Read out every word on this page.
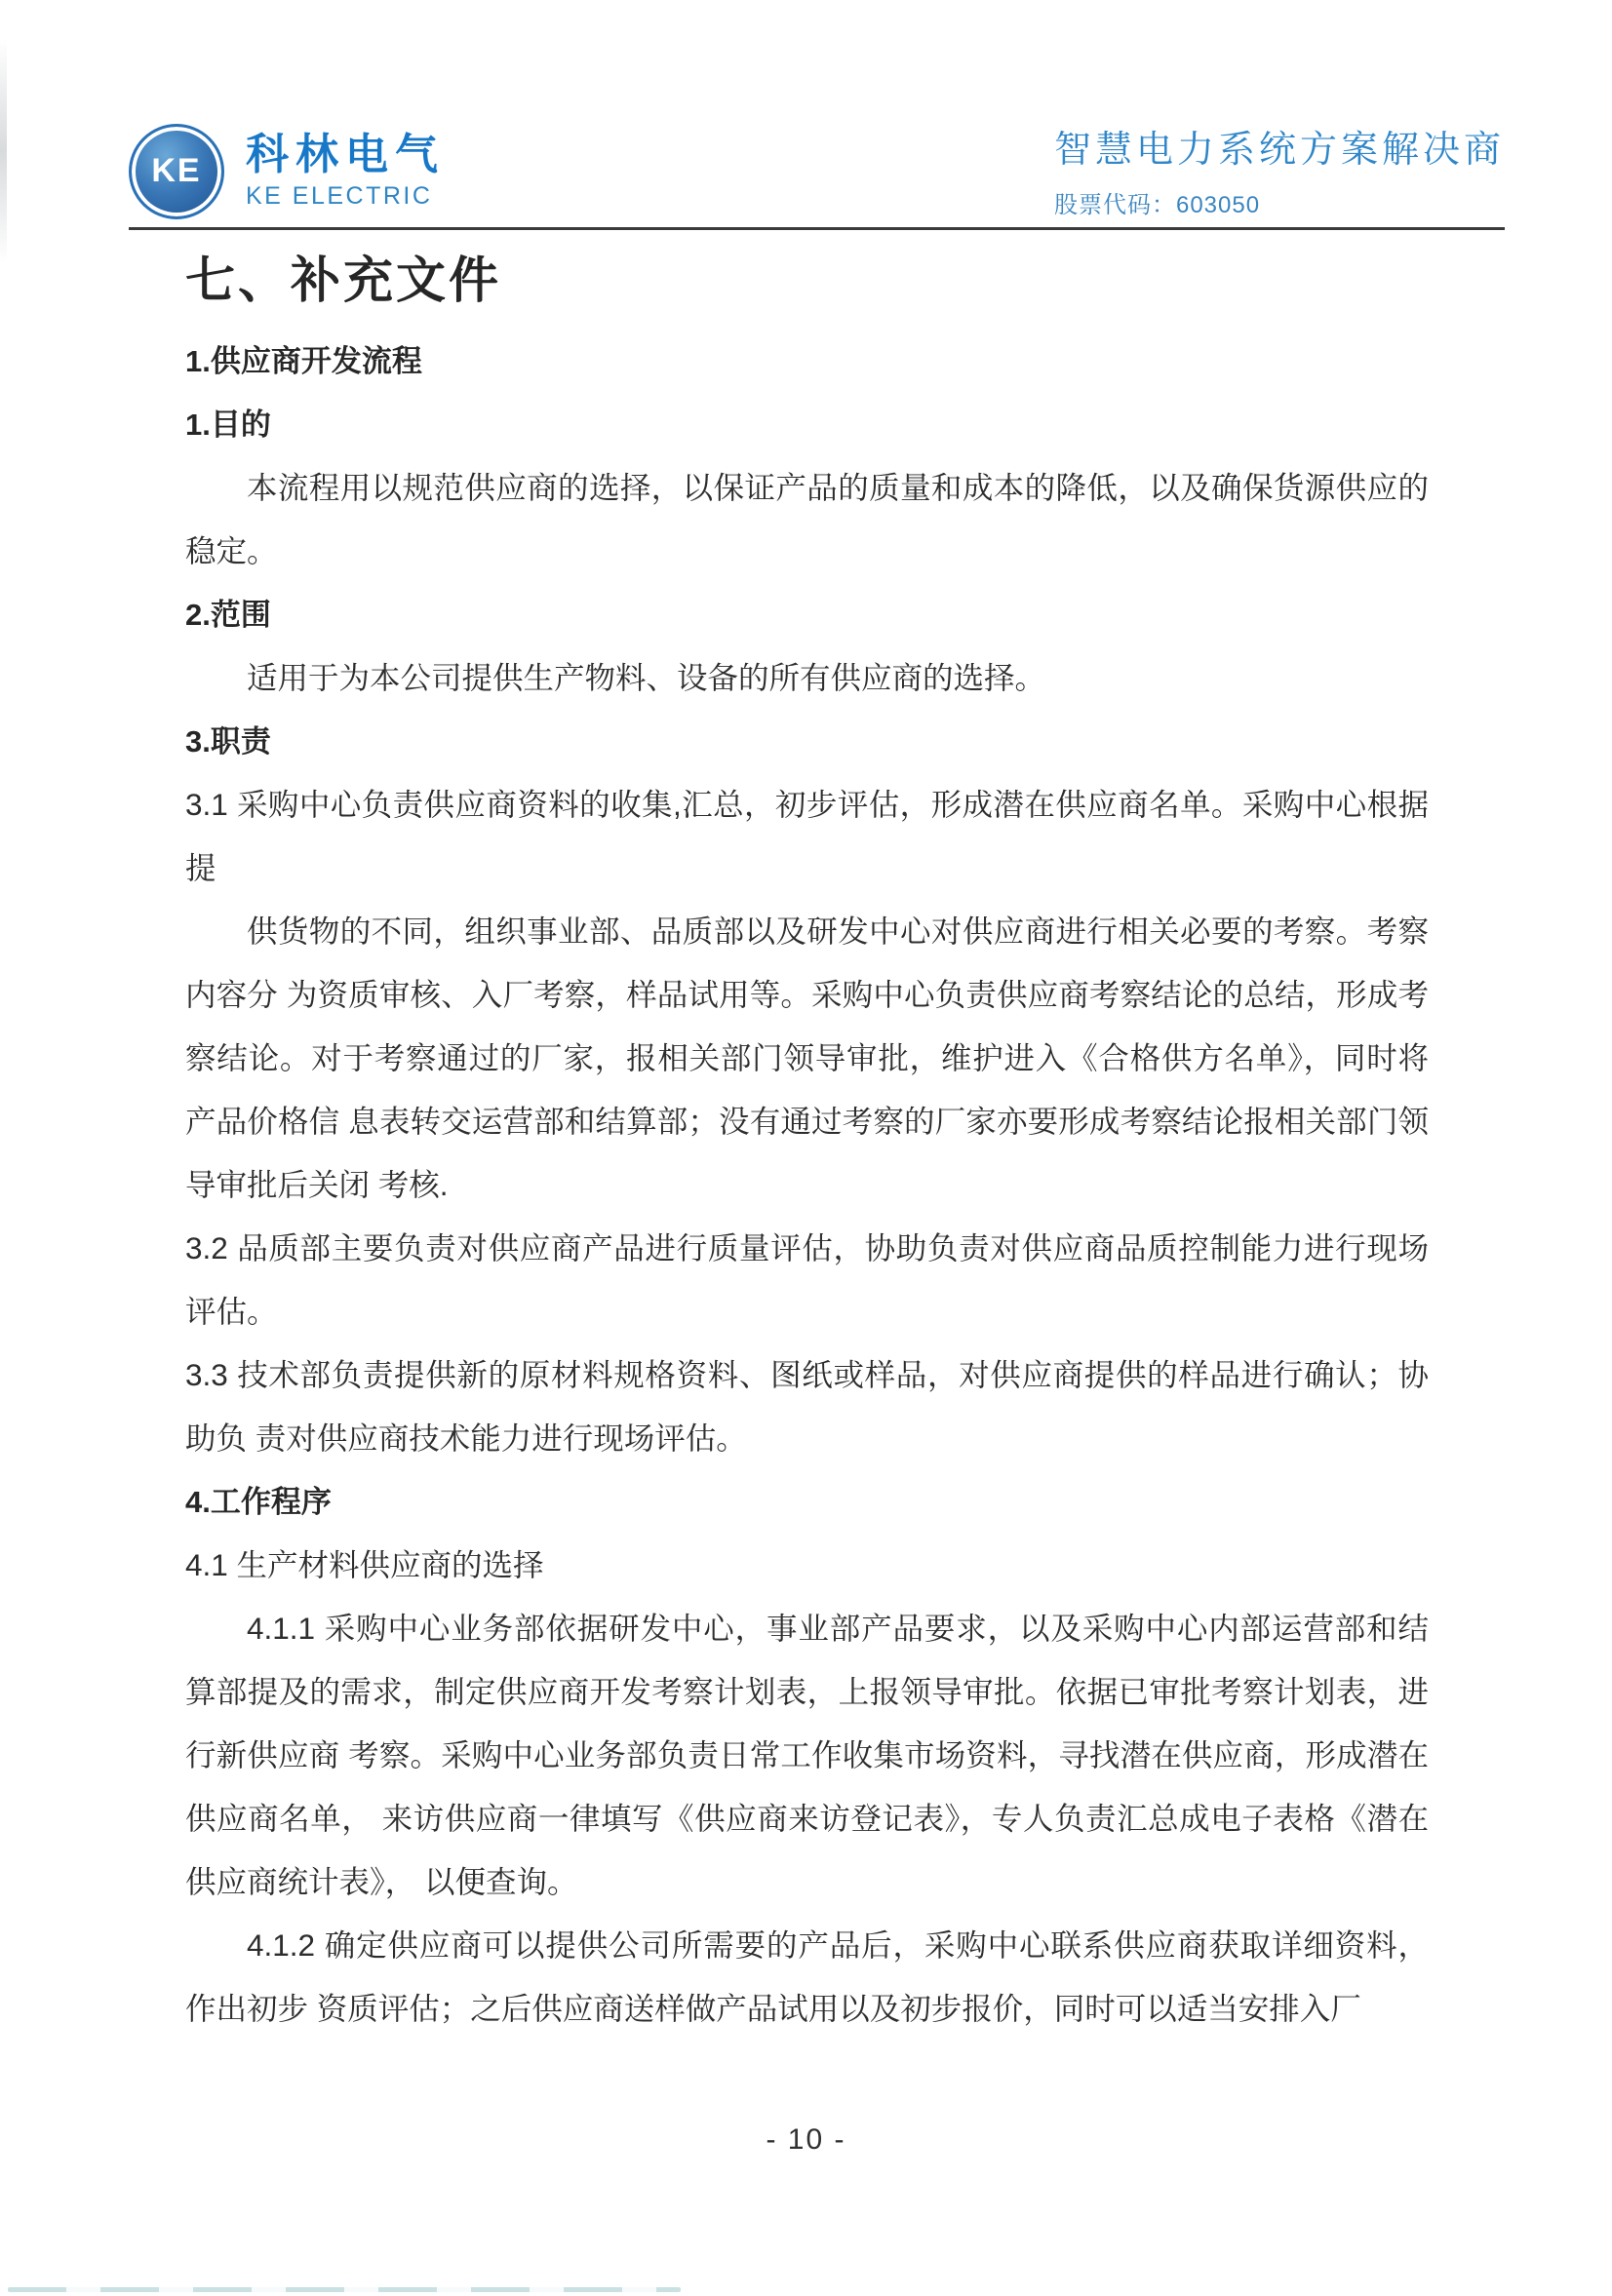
KE 科林电气
KE ELECTRIC
智慧电力系统方案解决商
股票代码：603050
七、补充文件
1.供应商开发流程
1.目的
本流程用以规范供应商的选择，以保证产品的质量和成本的降低，以及确保货源供应的稳定。
2.范围
适用于为本公司提供生产物料、设备的所有供应商的选择。
3.职责
3.1 采购中心负责供应商资料的收集,汇总，初步评估，形成潜在供应商名单。采购中心根据提
供货物的不同，组织事业部、品质部以及研发中心对供应商进行相关必要的考察。考察内容分 为资质审核、入厂考察，样品试用等。采购中心负责供应商考察结论的总结，形成考察结论。对于考察通过的厂家，报相关部门领导审批，维护进入《合格供方名单》，同时将产品价格信 息表转交运营部和结算部；没有通过考察的厂家亦要形成考察结论报相关部门领导审批后关闭 考核.
3.2 品质部主要负责对供应商产品进行质量评估，协助负责对供应商品质控制能力进行现场评估。
3.3 技术部负责提供新的原材料规格资料、图纸或样品，对供应商提供的样品进行确认；协助负 责对供应商技术能力进行现场评估。
4.工作程序
4.1 生产材料供应商的选择
4.1.1 采购中心业务部依据研发中心，事业部产品要求，以及采购中心内部运营部和结算部提及的需求，制定供应商开发考察计划表，上报领导审批。依据已审批考察计划表，进行新供应商 考察。采购中心业务部负责日常工作收集市场资料，寻找潜在供应商，形成潜在供应商名单， 来访供应商一律填写《供应商来访登记表》，专人负责汇总成电子表格《潜在供应商统计表》， 以便查询。
4.1.2 确定供应商可以提供公司所需要的产品后，采购中心联系供应商获取详细资料，作出初步 资质评估；之后供应商送样做产品试用以及初步报价，同时可以适当安排入厂
- 10 -
